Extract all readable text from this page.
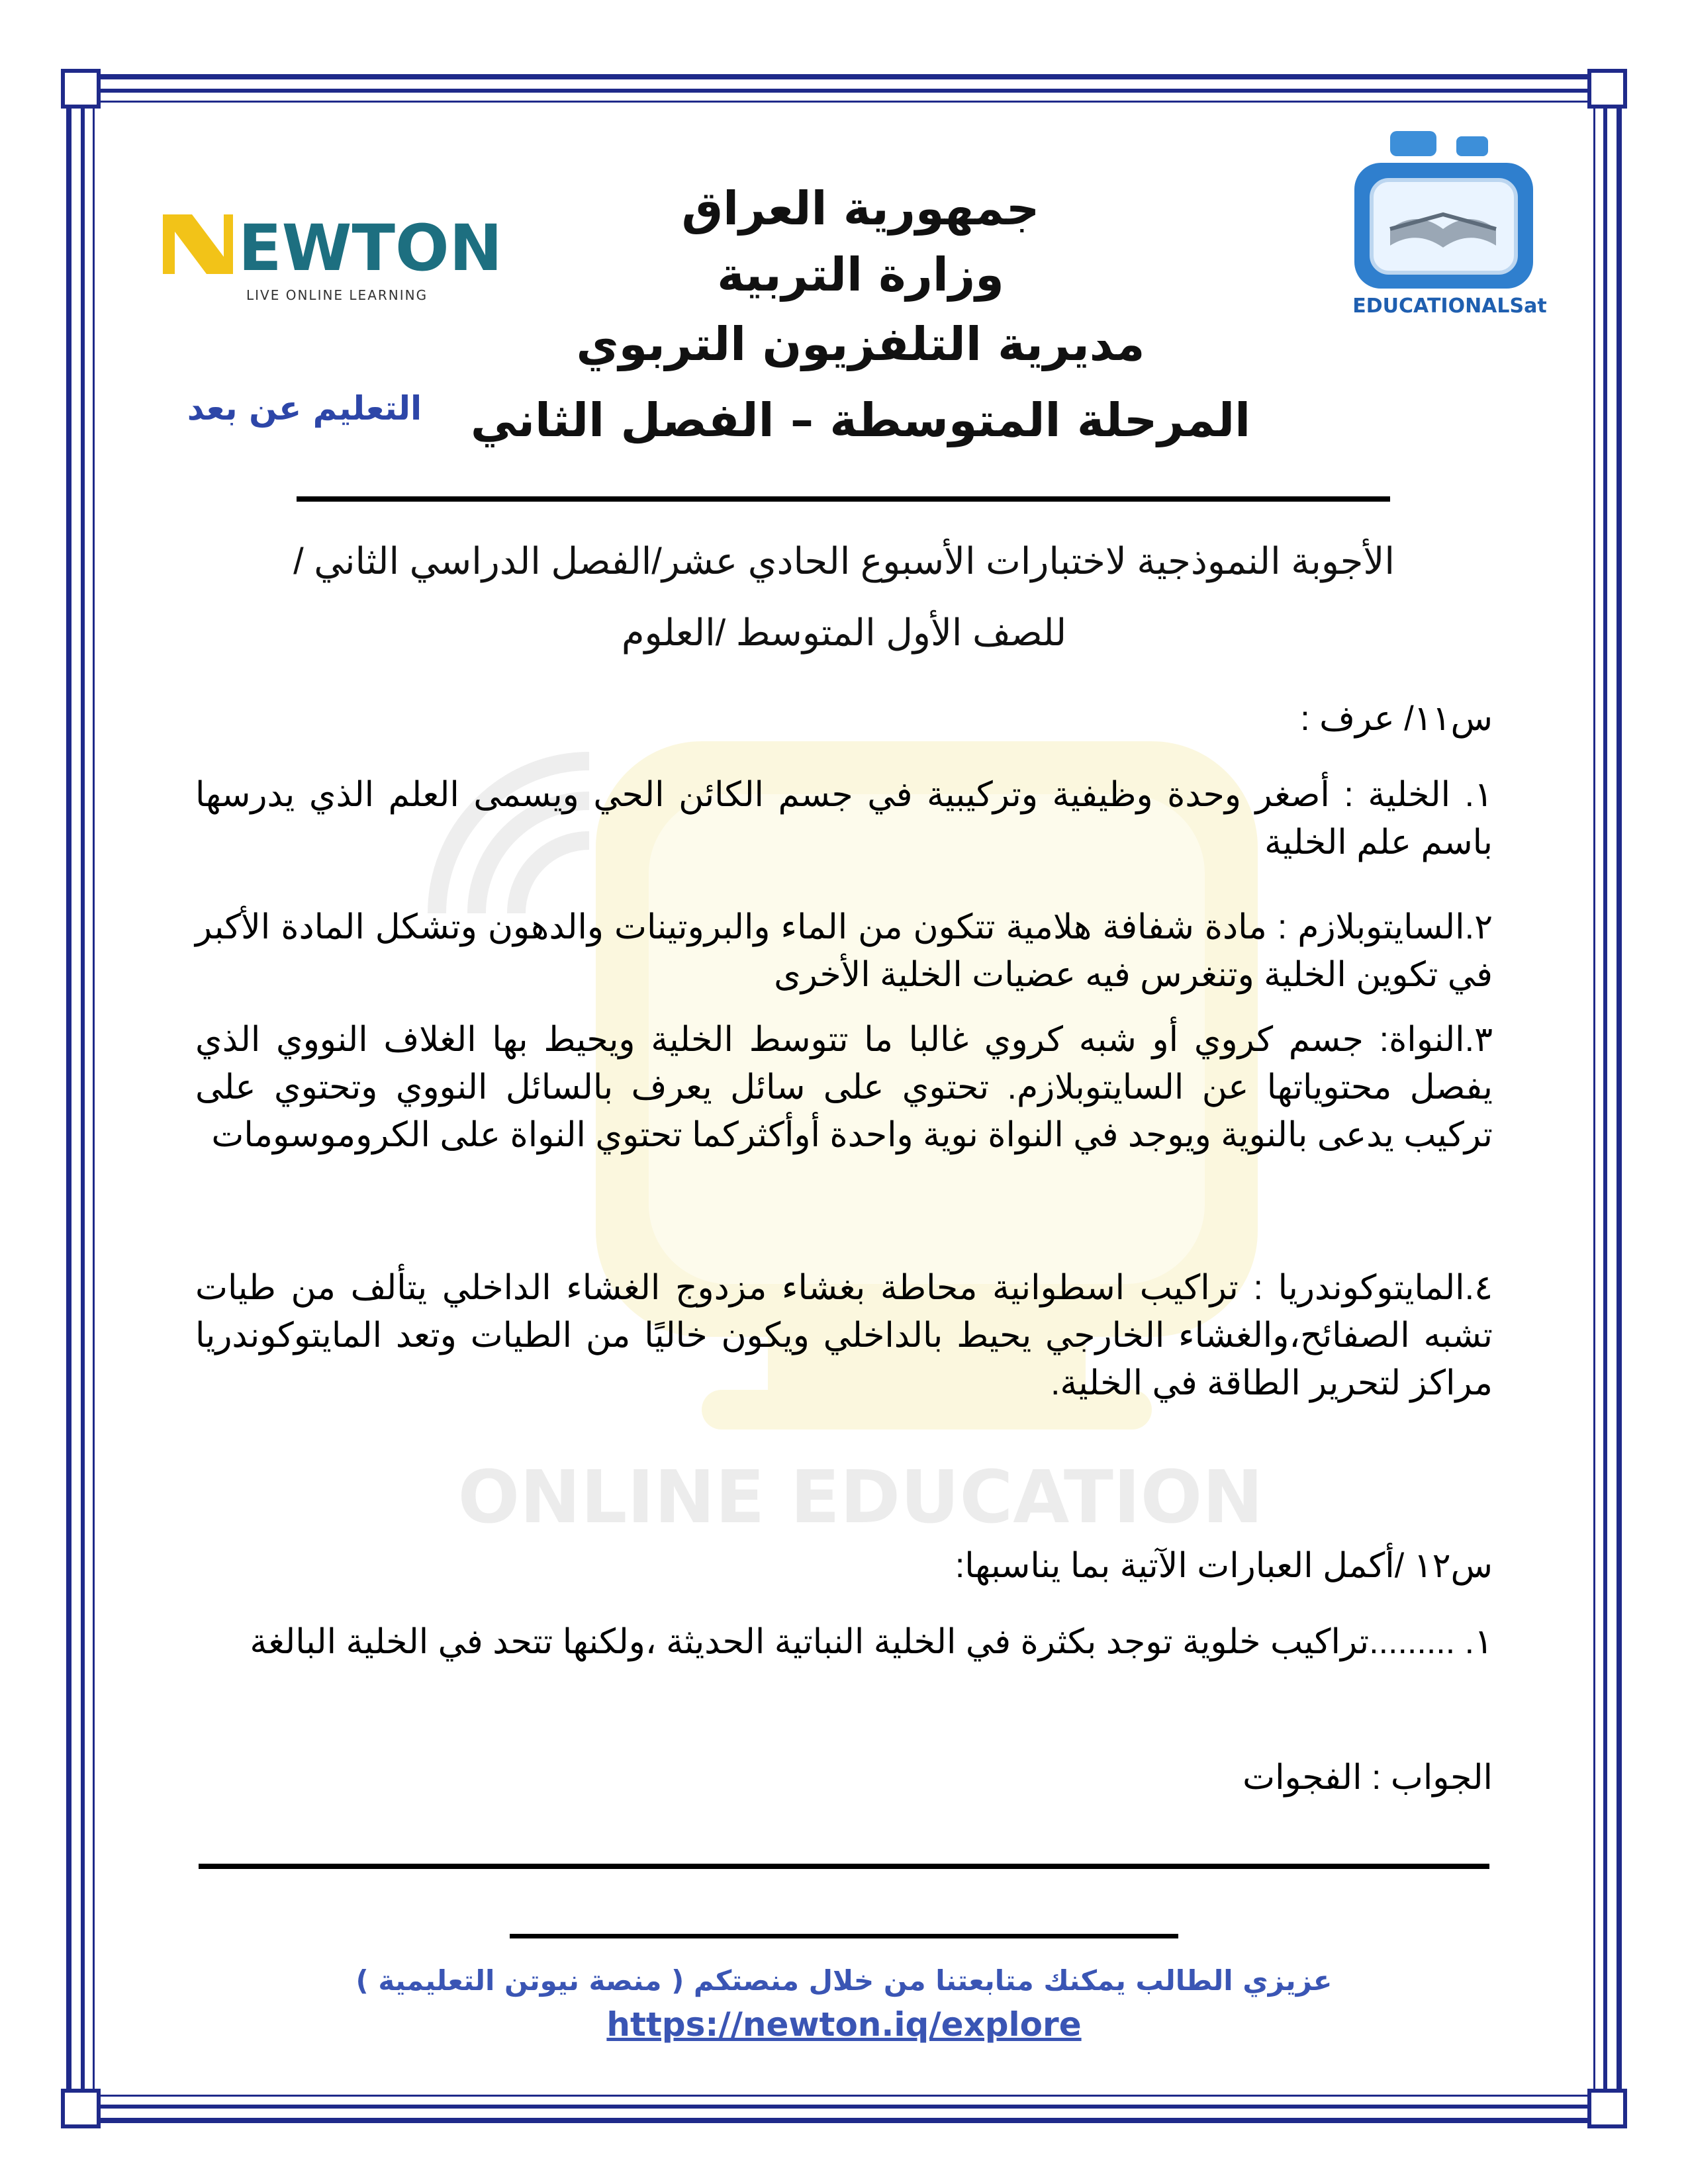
ONLINE EDUCATION
EWTON
LIVE ONLINE LEARNING
التعليم عن بعد
EDUCATIONALSat
جمهورية العراق
وزارة التربية
مديرية التلفزيون التربوي
المرحلة المتوسطة – الفصل الثاني
الأجوبة النموذجية لاختبارات الأسبوع الحادي عشر/الفصل الدراسي الثاني /
للصف الأول المتوسط /العلوم
س١١/ عرف :
١. الخلية : أصغر وحدة وظيفية وتركيبية في جسم الكائن الحي ويسمى العلم الذي يدرسها باسم علم الخلية
٢.السايتوبلازم : مادة شفافة هلامية تتكون من الماء والبروتينات والدهون وتشكل المادة الأكبر في تكوين الخلية وتنغرس فيه عضيات الخلية الأخرى
٣.النواة: جسم كروي أو شبه كروي غالبا ما تتوسط الخلية ويحيط بها الغلاف النووي الذي يفصل محتوياتها عن السايتوبلازم. تحتوي على سائل يعرف بالسائل النووي وتحتوي على تركيب يدعى بالنوية ويوجد في النواة نوية واحدة أوأكثركما تحتوي النواة على الكروموسومات
٤.المايتوكوندريا : تراكيب اسطوانية محاطة بغشاء مزدوج الغشاء الداخلي يتألف من طيات تشبه الصفائح،والغشاء الخارجي يحيط بالداخلي ويكون خاليًا من الطيات وتعد المايتوكوندريا مراكز لتحرير الطاقة في الخلية.
س١٢ /أكمل العبارات الآتية بما يناسبها:
١. .........تراكيب خلوية توجد بكثرة في الخلية النباتية الحديثة ،ولكنها تتحد في الخلية البالغة
الجواب : الفجوات
عزيزي الطالب يمكنك متابعتنا من خلال منصتكم ( منصة نيوتن التعليمية )
https://newton.iq/explore
